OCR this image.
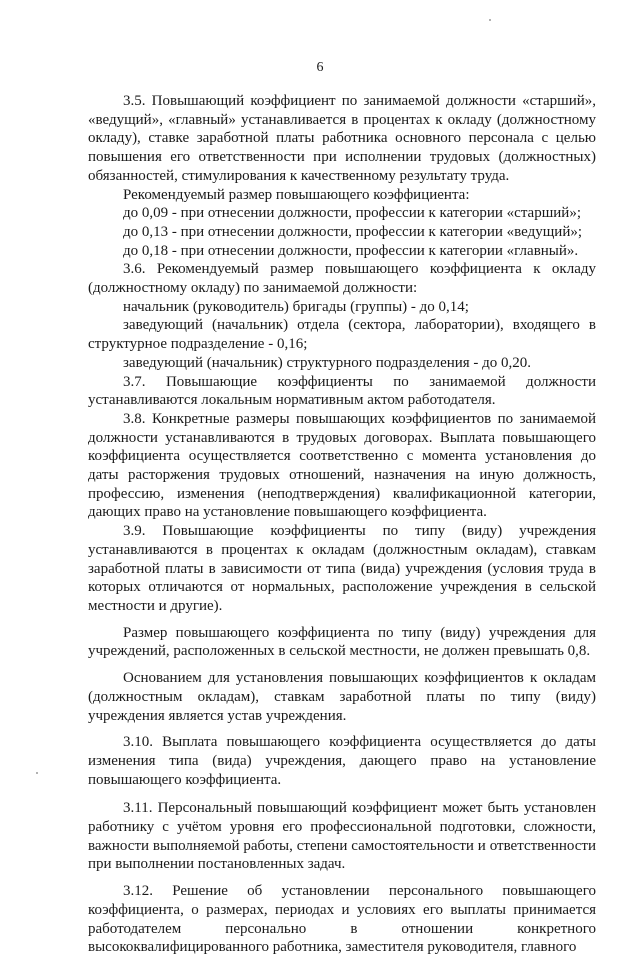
6

3.5. Повышающий коэффициент по занимаемой должности «старший», «ведущий», «главный» устанавливается в процентах к окладу (должностному окладу), ставке заработной платы работника основного персонала с целью повышения его ответственности при исполнении трудовых (должностных) обязанностей, стимулирования к качественному результату труда.

Рекомендуемый размер повышающего коэффициента:

до 0,09 - при отнесении должности, профессии к категории «старший»;

до 0,13 - при отнесении должности, профессии к категории «ведущий»;

до 0,18 - при отнесении должности, профессии к категории «главный».

3.6. Рекомендуемый размер повышающего коэффициента к окладу (должностному окладу) по занимаемой должности:

начальник (руководитель) бригады (группы) - до 0,14;

заведующий (начальник) отдела (сектора, лаборатории), входящего в структурное подразделение - 0,16;

заведующий (начальник) структурного подразделения - до 0,20.

3.7. Повышающие коэффициенты по занимаемой должности устанавливаются локальным нормативным актом работодателя.

3.8. Конкретные размеры повышающих коэффициентов по занимаемой должности устанавливаются в трудовых договорах. Выплата повышающего коэффициента осуществляется соответственно с момента установления до даты расторжения трудовых отношений, назначения на иную должность, профессию, изменения (неподтверждения) квалификационной категории, дающих право на установление повышающего коэффициента.

3.9. Повышающие коэффициенты по типу (виду) учреждения устанавливаются в процентах к окладам (должностным окладам), ставкам заработной платы в зависимости от типа (вида) учреждения (условия труда в которых отличаются от нормальных, расположение учреждения в сельской местности и другие).

Размер повышающего коэффициента по типу (виду) учреждения для учреждений, расположенных в сельской местности, не должен превышать 0,8.

Основанием для установления повышающих коэффициентов к окладам (должностным окладам), ставкам заработной платы по типу (виду) учреждения является устав учреждения.

3.10. Выплата повышающего коэффициента осуществляется до даты изменения типа (вида) учреждения, дающего право на установление повышающего коэффициента.

3.11. Персональный повышающий коэффициент может быть установлен работнику с учётом уровня его профессиональной подготовки, сложности, важности выполняемой работы, степени самостоятельности и ответственности при выполнении постановленных задач.

3.12. Решение об установлении персонального повышающего коэффициента, о размерах, периодах и условиях его выплаты принимается работодателем персонально в отношении конкретного высококвалифицированного работника, заместителя руководителя, главного
